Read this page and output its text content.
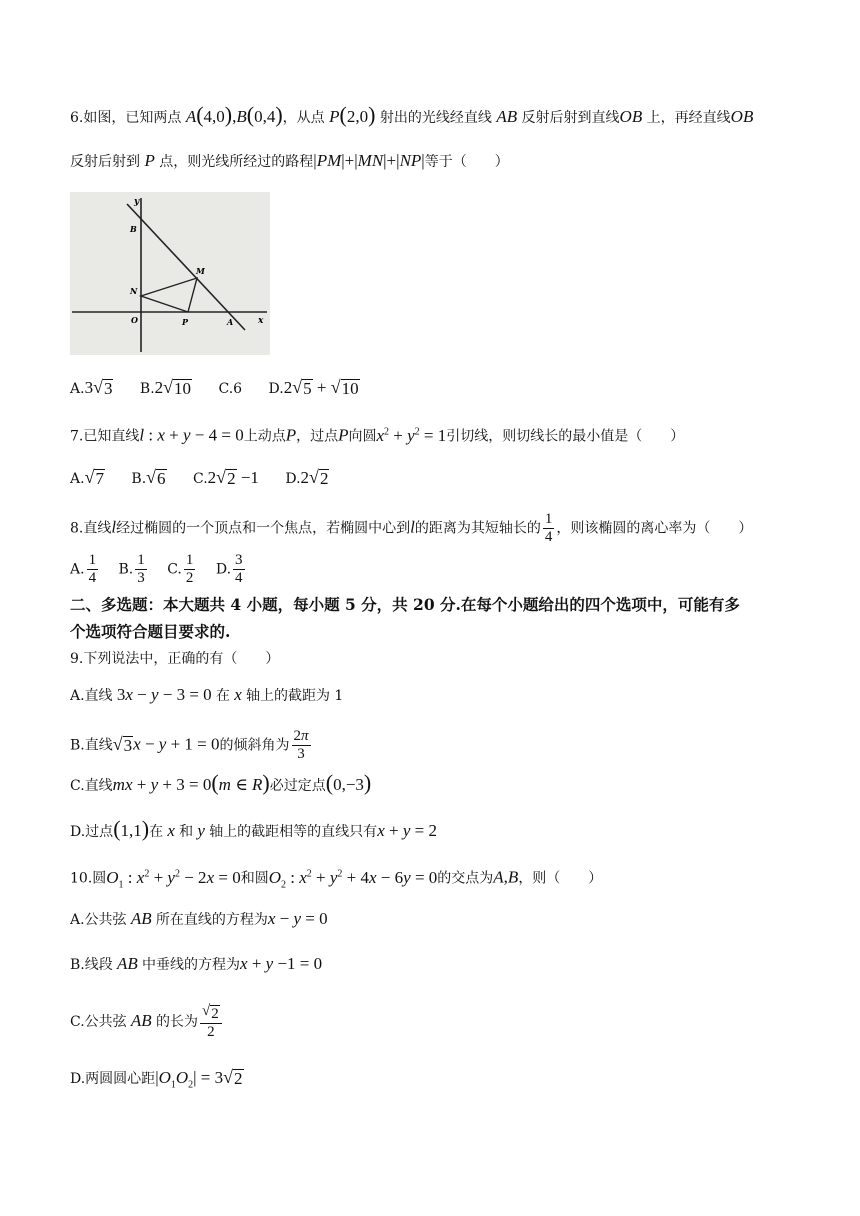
6.如图，已知两点 A(4,0),B(0,4)，从点 P(2,0) 射出的光线经直线 AB 反射后射到直线OB 上，再经直线OB
反射后射到 P 点，则光线所经过的路程|PM|+|MN|+|NP|等于（　　）
y
x
B
M
N
O	P	A
A.3 √ 3 B.2 √ 10 C.6 D.2 √ 5 + √ 10
7.已知直线l : x + y − 4 = 0上动点P，过点P向圆$x^2 + y^2 = 1$引切线，则切线长的最小值是（　　）
A. √ 7 B. √ 6 C.2 √ 2 −1 D.2 √ 2
8.直线l经过椭圆的一个顶点和一个焦点，若椭圆中心到l的距离为其短轴长的 $\frac{1}{4}$ ，则该椭圆的离心率为（　　）
A. $\frac{1}{4} B$. $\frac{1}{3} C$. $\frac{1}{2} D$. $\frac{3}{4}$
二、多选题：本大题共 4 小题，每小题 5 分，共 20 分.在每个小题给出的四个选项中，可能有多
个选项符合题目要求的.
9.下列说法中，正确的有（　　）
A.直线 3x − y − 3 = 0 在 x 轴上的截距为 1
B.直线 √ 3 x − y + 1 = 0的倾斜角为 $\frac{2\pi}{3}$
C.直线mx + y + 3 = 0(m ∈ R)必过定点(0,−3)
D.过点(1,1)在 x 和 y 轴上的截距相等的直线只有x + y = 2
10.圆$O_1$ : $x^2 + y^2 - 2x = 0$和圆$O_2$ : $x^2 + y^2 + 4x - 6y = 0$的交点为A,B，则（　　）
A.公共弦 AB 所在直线的方程为x − y = 0
B.线段 AB 中垂线的方程为x + y −1 = 0
C.公共弦 AB 的长为 $\frac{√ 2}{2}$
D.两圆圆心距$|O_1O_2| = 3$ √ 2
